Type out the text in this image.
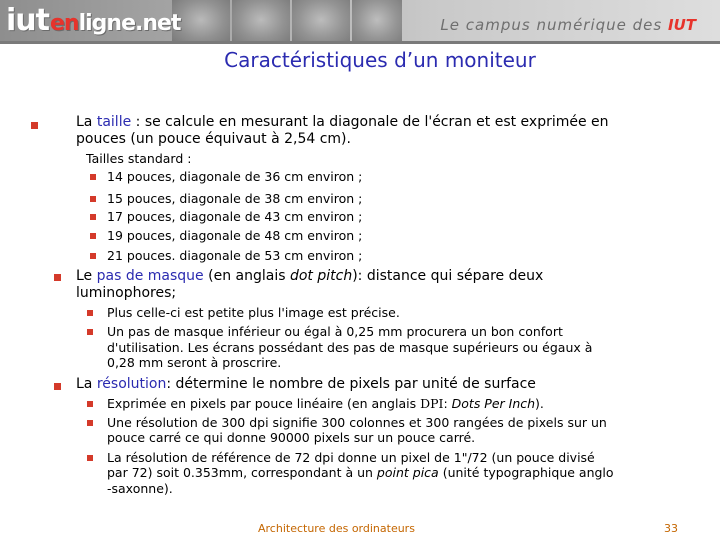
iutenligne.net	Le campus numérique des IUT
Caractéristiques d’un moniteur
La taille : se calcule en mesurant la diagonale de l'écran et est exprimée en
pouces (un pouce équivaut à 2,54 cm).
Tailles standard :
14 pouces, diagonale de 36 cm environ ;
15 pouces, diagonale de 38 cm environ ;
17 pouces, diagonale de 43 cm environ ;
19 pouces, diagonale de 48 cm environ ;
21 pouces. diagonale de 53 cm environ ;
Le pas de masque (en anglais dot pitch): distance qui sépare deux
luminophores;
Plus celle-ci est petite plus l'image est précise.
Un pas de masque inférieur ou égal à 0,25 mm procurera un bon confort
d'utilisation. Les écrans possédant des pas de masque supérieurs ou égaux à
0,28 mm seront à proscrire.
La résolution: détermine le nombre de pixels par unité de surface
Exprimée en pixels par pouce linéaire (en anglais DPI: Dots Per Inch).
Une résolution de 300 dpi signifie 300 colonnes et 300 rangées de pixels sur un
pouce carré ce qui donne 90000 pixels sur un pouce carré.
La résolution de référence de 72 dpi donne un pixel de 1"/72 (un pouce divisé
par 72) soit 0.353mm, correspondant à un point pica (unité typographique anglo
-saxonne).
Architecture des ordinateurs	33
